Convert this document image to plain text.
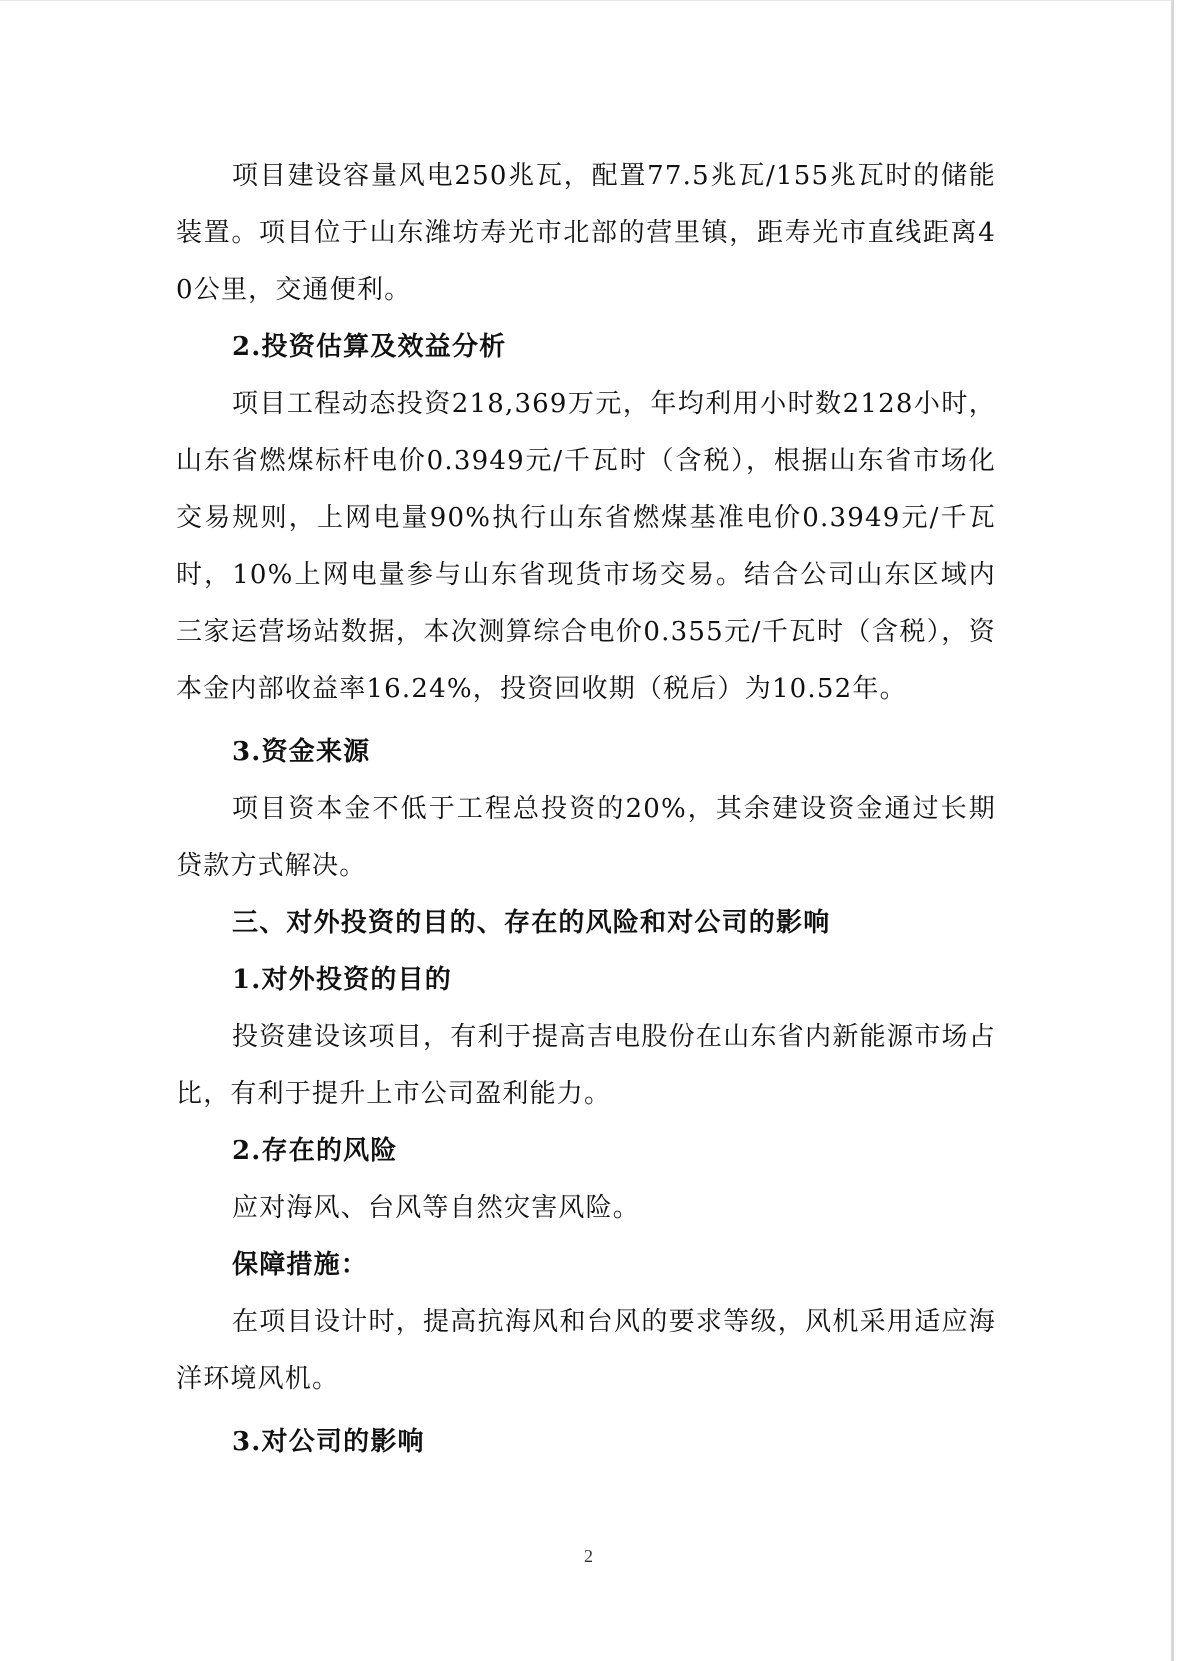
项目建设容量风电250兆瓦，配置77.5兆瓦/155兆瓦时的储能装置。项目位于山东潍坊寿光市北部的营里镇，距寿光市直线距离40公里，交通便利。

2.投资估算及效益分析

项目工程动态投资218,369万元，年均利用小时数2128小时，山东省燃煤标杆电价0.3949元/千瓦时（含税），根据山东省市场化交易规则，上网电量90%执行山东省燃煤基准电价0.3949元/千瓦时，10%上网电量参与山东省现货市场交易。结合公司山东区域内三家运营场站数据，本次测算综合电价0.355元/千瓦时（含税），资本金内部收益率16.24%，投资回收期（税后）为10.52年。

3.资金来源

项目资本金不低于工程总投资的20%，其余建设资金通过长期贷款方式解决。

三、对外投资的目的、存在的风险和对公司的影响

1.对外投资的目的

投资建设该项目，有利于提高吉电股份在山东省内新能源市场占比，有利于提升上市公司盈利能力。

2.存在的风险

应对海风、台风等自然灾害风险。

保障措施：

在项目设计时，提高抗海风和台风的要求等级，风机采用适应海洋环境风机。

3.对公司的影响

2
